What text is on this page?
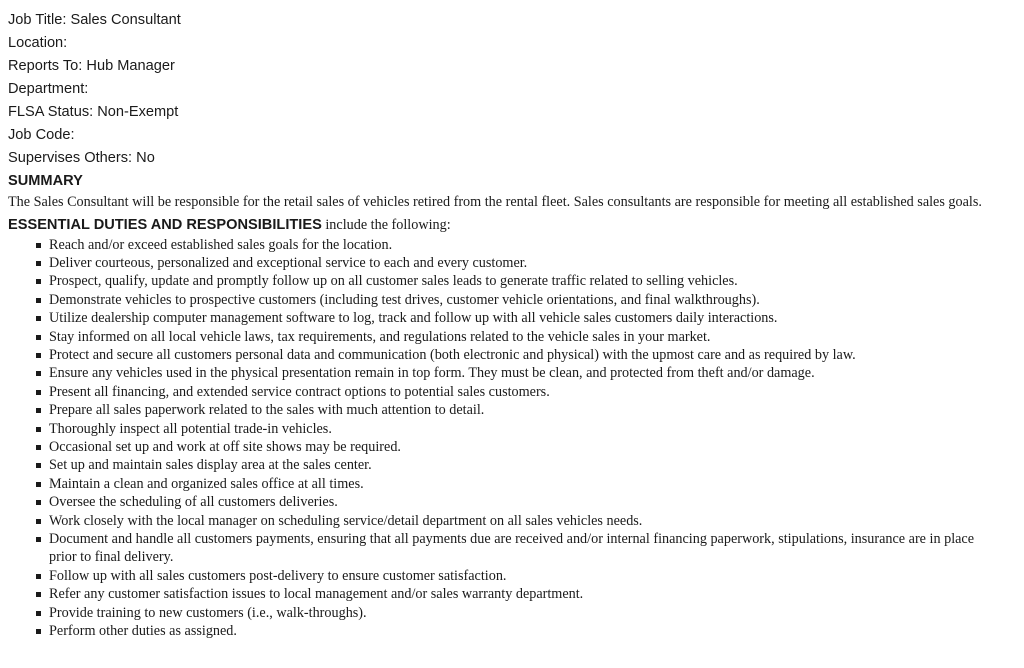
Job Title: Sales Consultant

Location:

Reports To: Hub Manager

Department:

FLSA Status: Non-Exempt

Job Code:

Supervises Others: No

SUMMARY

The Sales Consultant will be responsible for the retail sales of vehicles retired from the rental fleet. Sales consultants are responsible for meeting all established sales goals.

ESSENTIAL DUTIES AND RESPONSIBILITIES include the following:

Reach and/or exceed established sales goals for the location.
Deliver courteous, personalized and exceptional service to each and every customer.
Prospect, qualify, update and promptly follow up on all customer sales leads to generate traffic related to selling vehicles.
Demonstrate vehicles to prospective customers (including test drives, customer vehicle orientations, and final walkthroughs).
Utilize dealership computer management software to log, track and follow up with all vehicle sales customers daily interactions.
Stay informed on all local vehicle laws, tax requirements, and regulations related to the vehicle sales in your market.
Protect and secure all customers personal data and communication (both electronic and physical) with the upmost care and as required by law.
Ensure any vehicles used in the physical presentation remain in top form. They must be clean, and protected from theft and/or damage.
Present all financing, and extended service contract options to potential sales customers.
Prepare all sales paperwork related to the sales with much attention to detail.
Thoroughly inspect all potential trade-in vehicles.
Occasional set up and work at off site shows may be required.
Set up and maintain sales display area at the sales center.
Maintain a clean and organized sales office at all times.
Oversee the scheduling of all customers deliveries.
Work closely with the local manager on scheduling service/detail department on all sales vehicles needs.
Document and handle all customers payments, ensuring that all payments due are received and/or internal financing paperwork, stipulations, insurance are in place prior to final delivery.
Follow up with all sales customers post-delivery to ensure customer satisfaction.
Refer any customer satisfaction issues to local management and/or sales warranty department.
Provide training to new customers (i.e., walk-throughs).
Perform other duties as assigned.
